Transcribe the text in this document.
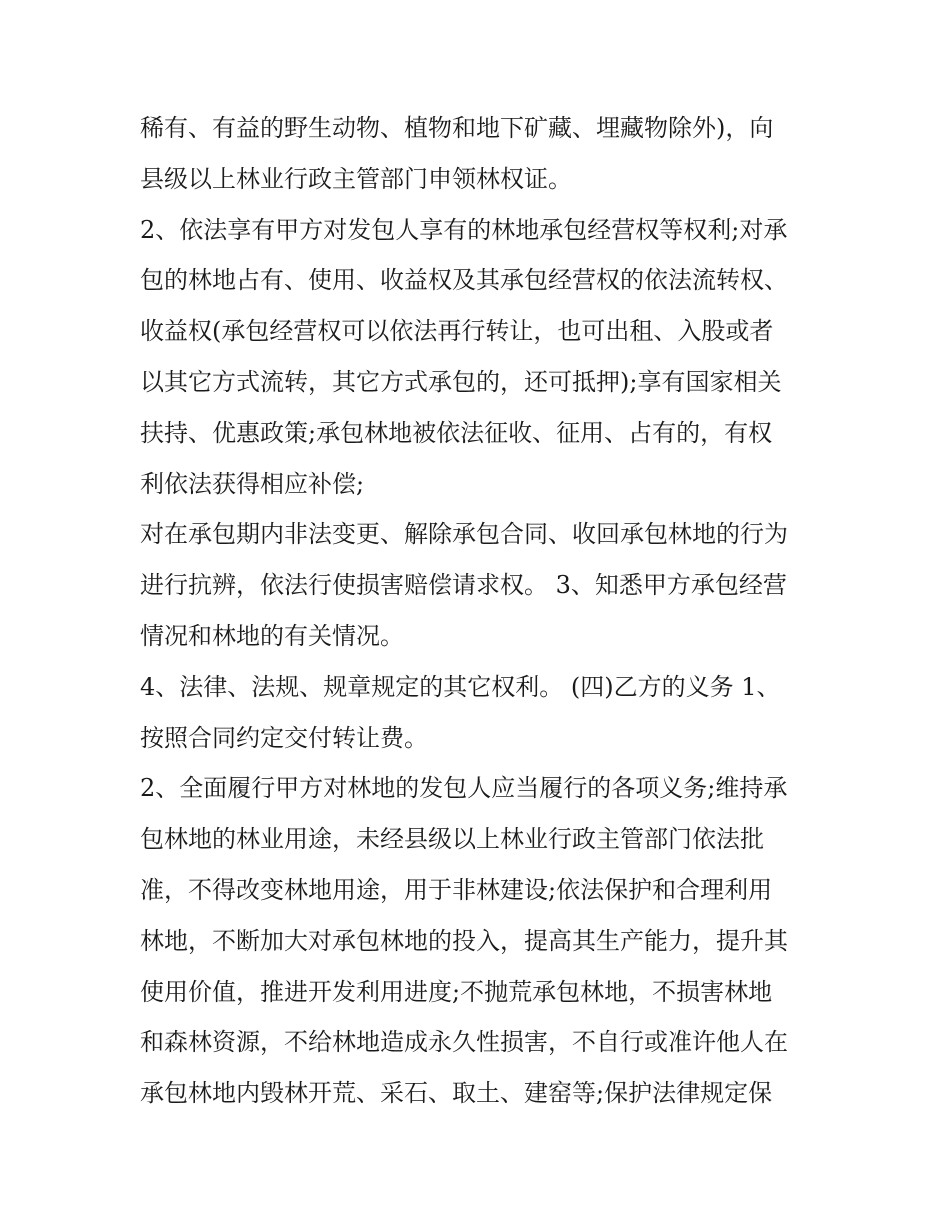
稀有、有益的野生动物、植物和地下矿藏、埋藏物除外)，向
县级以上林业行政主管部门申领林权证。
2、依法享有甲方对发包人享有的林地承包经营权等权利;对承
包的林地占有、使用、收益权及其承包经营权的依法流转权、
收益权(承包经营权可以依法再行转让，也可出租、入股或者
以其它方式流转，其它方式承包的，还可抵押);享有国家相关
扶持、优惠政策;承包林地被依法征收、征用、占有的，有权
利依法获得相应补偿;
对在承包期内非法变更、解除承包合同、收回承包林地的行为
进行抗辨，依法行使损害赔偿请求权。 3、知悉甲方承包经营
情况和林地的有关情况。
4、法律、法规、规章规定的其它权利。 (四)乙方的义务 1、
按照合同约定交付转让费。
2、全面履行甲方对林地的发包人应当履行的各项义务;维持承
包林地的林业用途，未经县级以上林业行政主管部门依法批
准，不得改变林地用途，用于非林建设;依法保护和合理利用
林地，不断加大对承包林地的投入，提高其生产能力，提升其
使用价值，推进开发利用进度;不抛荒承包林地，不损害林地
和森林资源，不给林地造成永久性损害，不自行或准许他人在
承包林地内毁林开荒、采石、取土、建窑等;保护法律规定保
